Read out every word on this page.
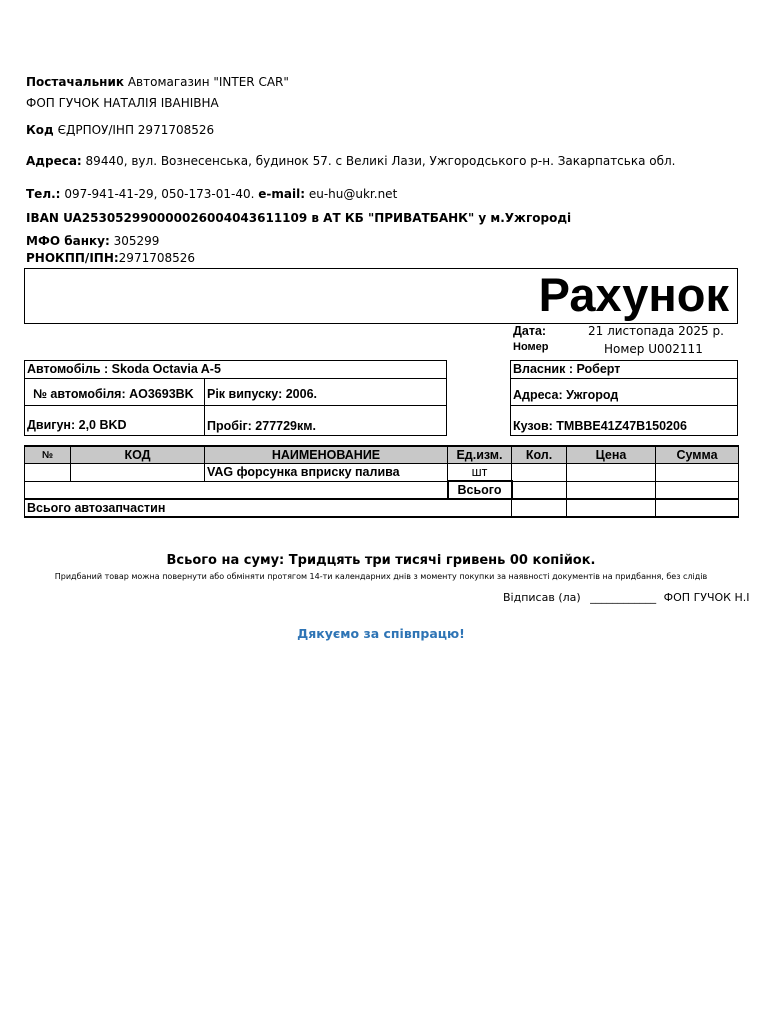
Постачальник Автомагазин "INTER CAR"
ФОП ГУЧОК НАТАЛІЯ ІВАНІВНА
Код ЄДРПОУ/ІНП 2971708526
Адреса: 89440, вул. Вознесенська, будинок 57. с Великі Лази, Ужгородського р-н. Закарпатська обл.
Тел.: 097-941-41-29, 050-173-01-40. e-mail: eu-hu@ukr.net
IBAN UA253052990000026004043611109 в АТ КБ "ПРИВАТБАНК" у м.Ужгороді
МФО банку: 305299
РНОКПП/ІПН:2971708526
Рахунок
Дата:	21 листопада 2025 р.
Номер	Номер U002111
Автомобіль : Skoda Octavia A-5
№ автомобіля: AO3693BK Рік випуску: 2006.
Двигун: 2,0 BKD	Пробіг: 277729км.
Власник : Роберт
Адреса: Ужгород
Кузов: TMBBE41Z47B150206
№	КОД	НАИМЕНОВАНИЕ	Ед.изм.	Кол.	Цена	Сумма
		VAG форсунка вприску палива	шт			
			Всього			
Всього автозапчастин						
Всього на суму: Тридцять три тисячі гривень 00 копійок.
Придбаний товар можна повернути або обміняти протягом 14-ти календарних днів з моменту покупки за наявності документів на придбання, без слідів
Відписав (ла) ____________ ФОП ГУЧОК Н.І
Дякуємо за співпрацю!
